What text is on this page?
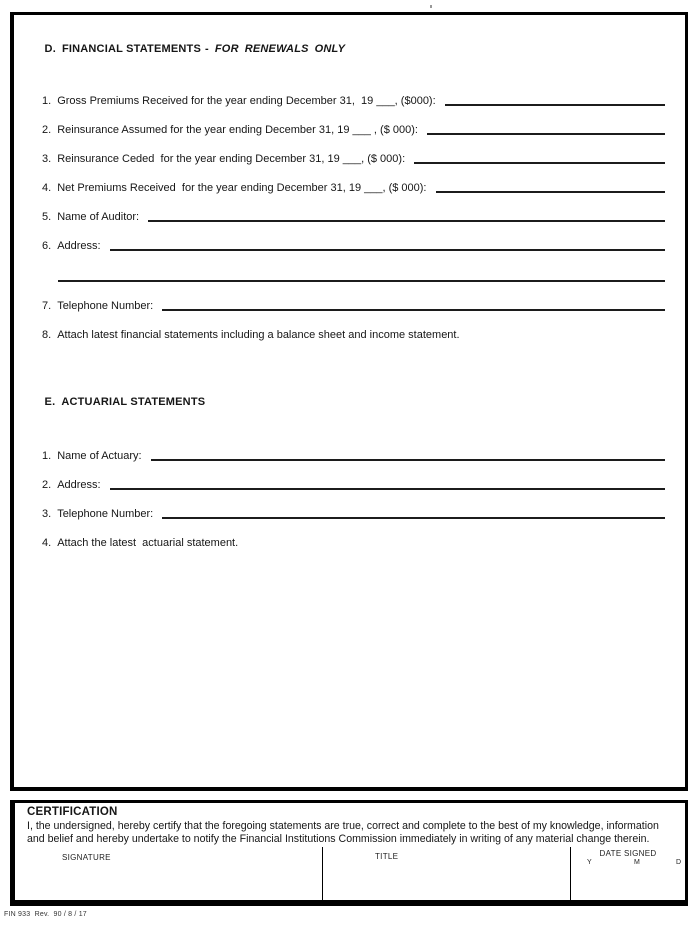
D. FINANCIAL STATEMENTS - FOR RENEWALS ONLY

1. Gross Premiums Received for the year ending December 31,  19 ___, ($000):
2. Reinsurance Assumed for the year ending December 31, 19 ___ , ($ 000):
3. Reinsurance Ceded  for the year ending December 31, 19 ___, ($ 000):
4. Net Premiums Received  for the year ending December 31, 19 ___, ($ 000):
5. Name of Auditor:
6. Address:
7. Telephone Number:
8. Attach latest financial statements including a balance sheet and income statement.

E. ACTUARIAL STATEMENTS

1. Name of Actuary:
2. Address:
3. Telephone Number:
4. Attach the latest  actuarial statement.
CERTIFICATION
I, the undersigned, hereby certify that the foregoing statements are true, correct and complete to the best of my knowledge, information and belief and hereby undertake to notify the Financial Institutions Commission immediately in writing of any material change therein.
SIGNATURE	TITLE	DATE SIGNED
Y	M	D
FIN 933  Rev.  90 / 8 / 17
